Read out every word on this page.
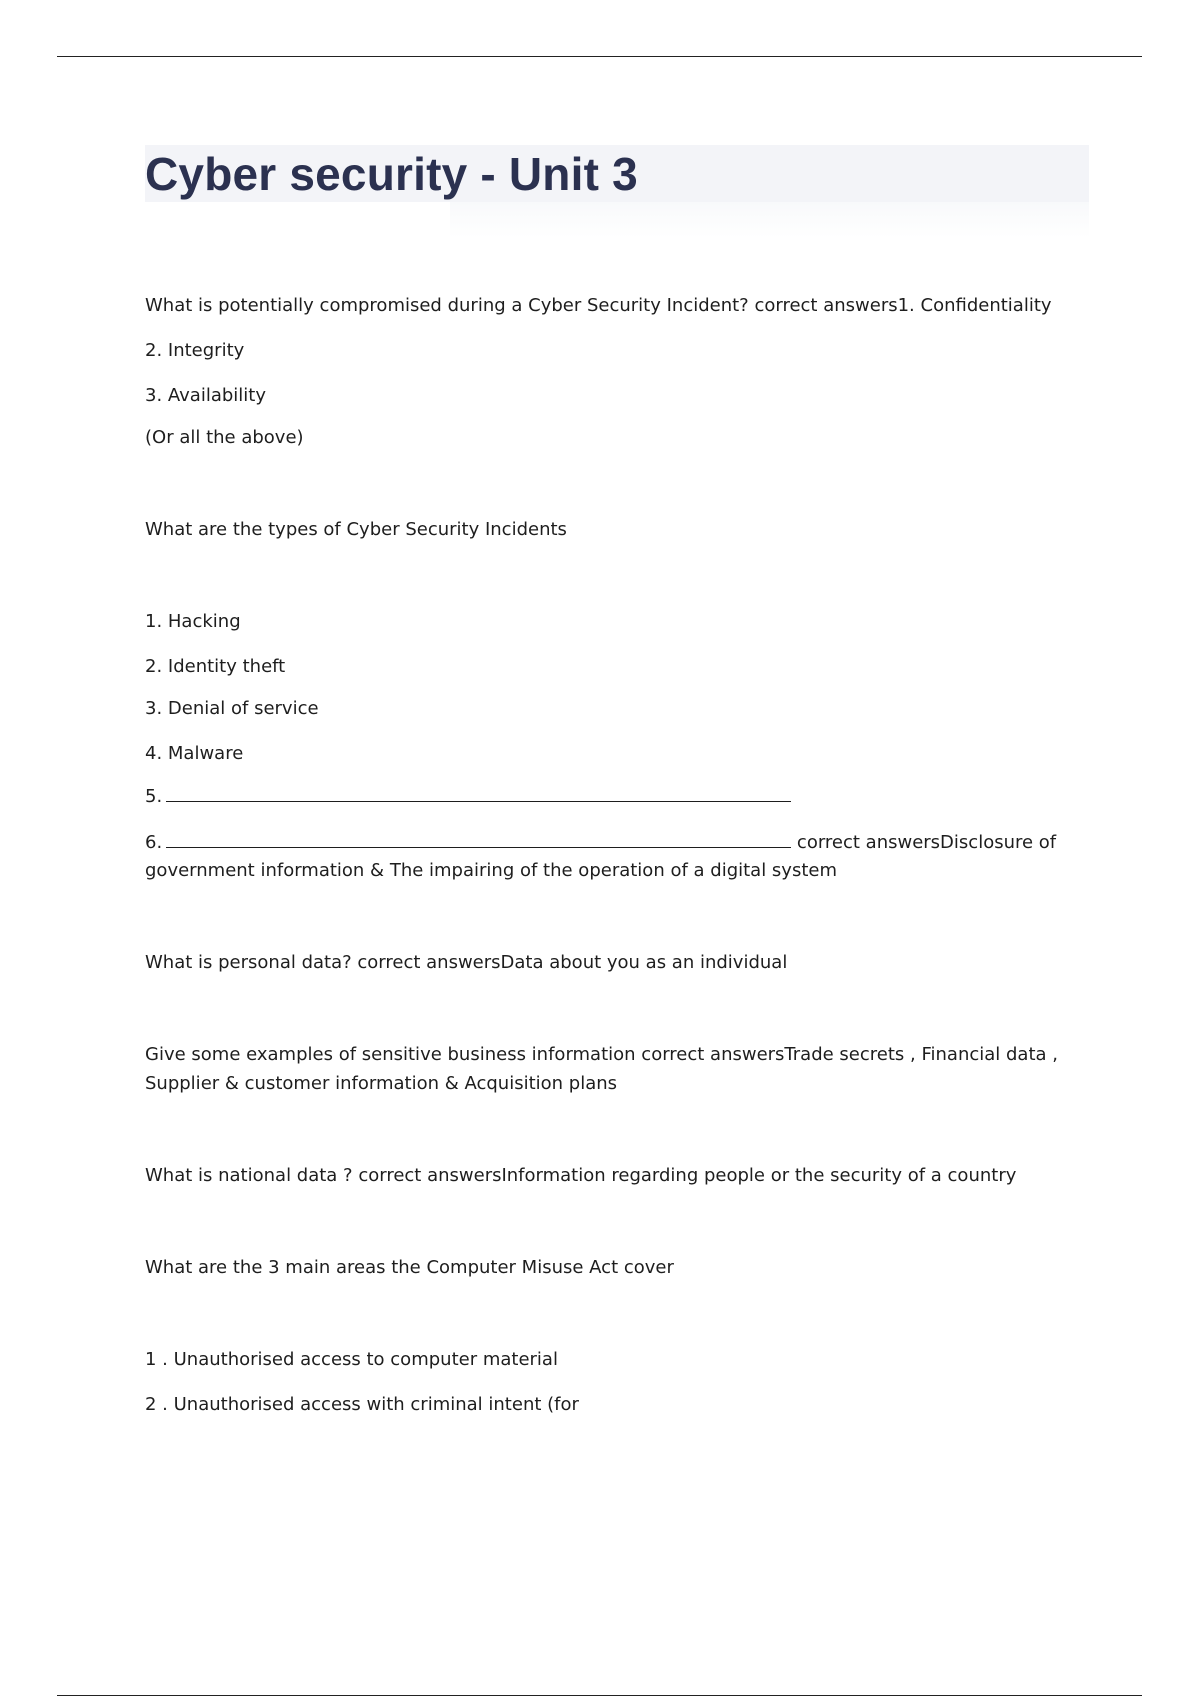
Cyber security - Unit 3

What is potentially compromised during a Cyber Security Incident? correct answers1. Confidentiality

2. Integrity

3. Availability

(Or all the above)

What are the types of Cyber Security Incidents

1. Hacking

2. Identity theft

3. Denial of service

4. Malware

5.

6.	correct answersDisclosure of

government information & The impairing of the operation of a digital system

What is personal data? correct answersData about you as an individual

Give some examples of sensitive business information correct answersTrade secrets , Financial data , Supplier & customer information & Acquisition plans

What is national data ? correct answersInformation regarding people or the security of a country

What are the 3 main areas the Computer Misuse Act cover

1 . Unauthorised access to computer material

2 . Unauthorised access with criminal intent (for
